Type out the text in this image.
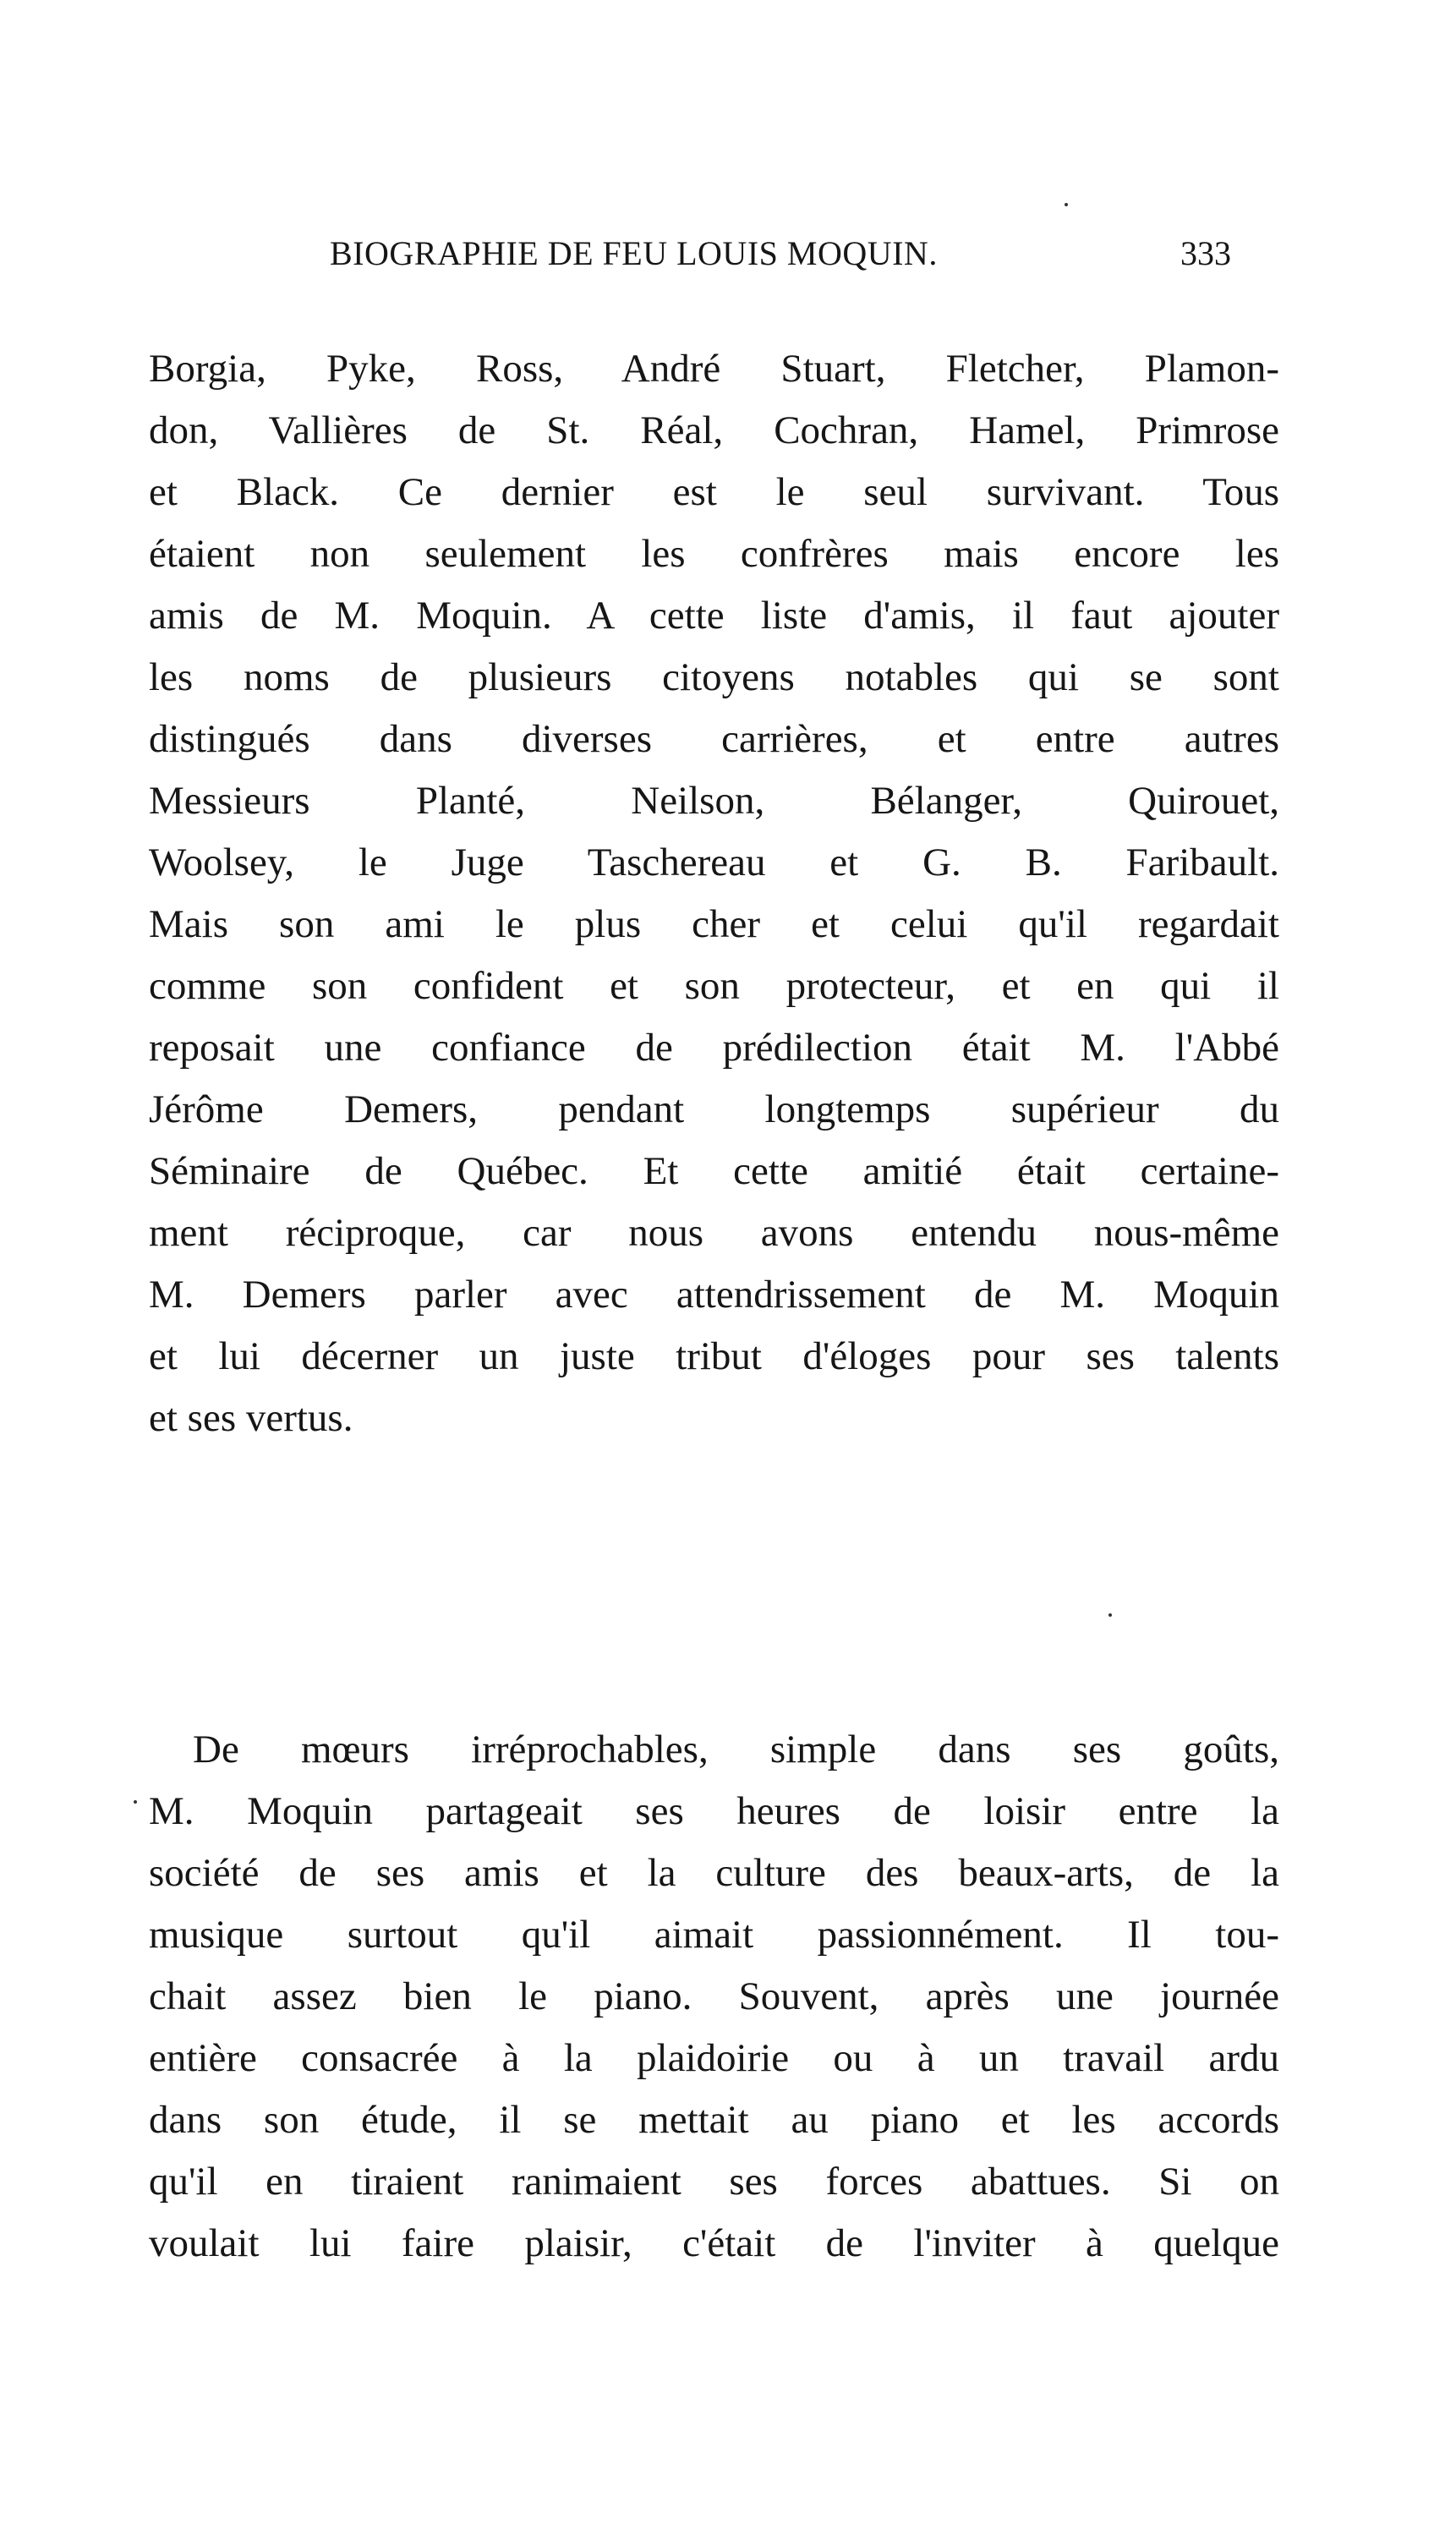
BIOGRAPHIE DE FEU LOUIS MOQUIN.	333
Borgia, Pyke, Ross, André Stuart, Fletcher, Plamon-
don, Vallières de St. Réal, Cochran, Hamel, Primrose
et Black. Ce dernier est le seul survivant. Tous
étaient non seulement les confrères mais encore les
amis de M. Moquin. A cette liste d'amis, il faut ajouter
les noms de plusieurs citoyens notables qui se sont
distingués dans diverses carrières, et entre autres
Messieurs Planté, Neilson, Bélanger, Quirouet,
Woolsey, le Juge Taschereau et G. B. Faribault.
Mais son ami le plus cher et celui qu'il regardait
comme son confident et son protecteur, et en qui il
reposait une confiance de prédilection était M. l'Abbé
Jérôme Demers, pendant longtemps supérieur du
Séminaire de Québec. Et cette amitié était certaine-
ment réciproque, car nous avons entendu nous-même
M. Demers parler avec attendrissement de M. Moquin
et lui décerner un juste tribut d'éloges pour ses talents
et ses vertus.
De mœurs irréprochables, simple dans ses goûts,
M. Moquin partageait ses heures de loisir entre la
société de ses amis et la culture des beaux-arts, de la
musique surtout qu'il aimait passionnément. Il tou-
chait assez bien le piano. Souvent, après une journée
entière consacrée à la plaidoirie ou à un travail ardu
dans son étude, il se mettait au piano et les accords
qu'il en tiraient ranimaient ses forces abattues. Si on
voulait lui faire plaisir, c'était de l'inviter à quelque
